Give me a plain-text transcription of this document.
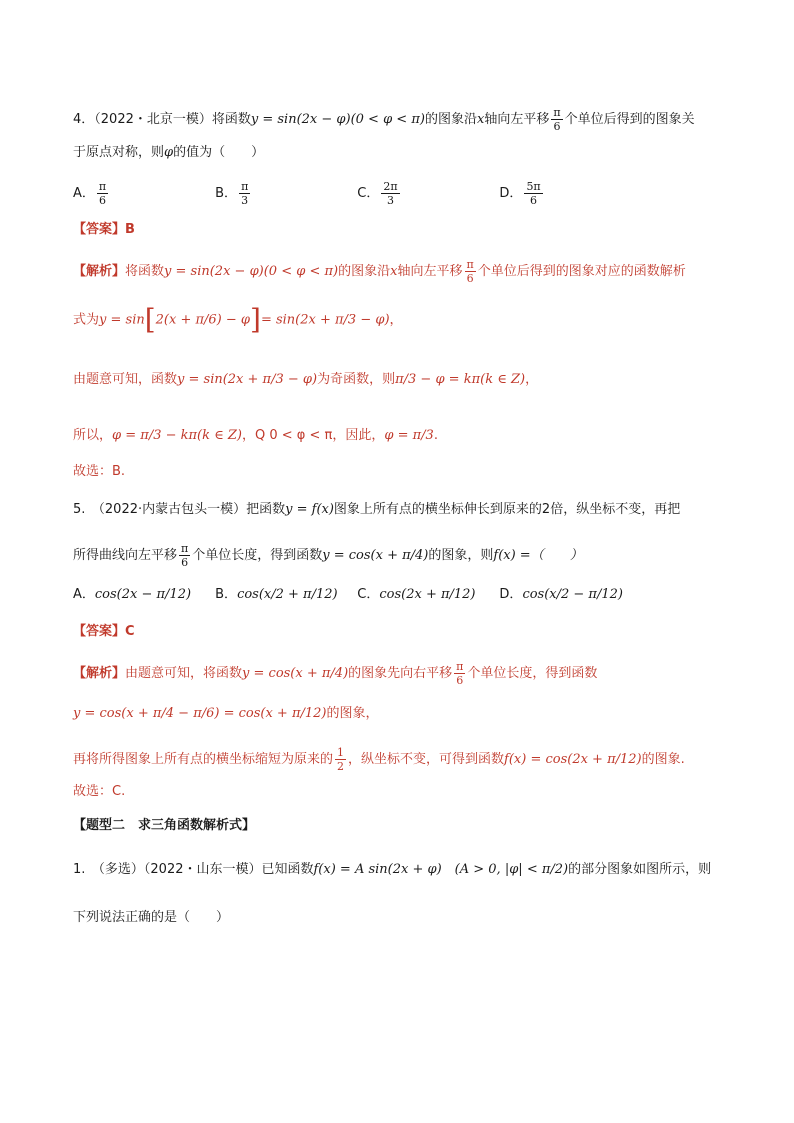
4．（2022・北京一模）将函数y = sin(2x − φ)(0 < φ < π)的图象沿x轴向左平移 $\frac{\pi}{6}$ 个单位后得到的图象关
于原点对称，则φ的值为（　　）
A． $\frac{\pi}{6}$	B． $\frac{\pi}{3}$	C． $\frac{2\pi}{3}$	D． $\frac{5\pi}{6}$
【答案】B
【解析】将函数y = sin(2x − φ)(0 < φ < π)的图象沿x轴向左平移 $\frac{\pi}{6}$ 个单位后得到的图象对应的函数解析
式为y = sin[2(x + π/6) − φ]= sin(2x + π/3 − φ)，
由题意可知，函数y = sin(2x + π/3 − φ)为奇函数，则π/3 − φ = kπ(k ∈ Z)，
所以，φ = π/3 − kπ(k ∈ Z)，Q 0 < φ < π，因此，φ = π/3.
故选：B.
5.　（2022·内蒙古包头一模）把函数y = f(x)图象上所有点的横坐标伸长到原来的2倍，纵坐标不变，再把
所得曲线向左平移 $\frac{\pi}{6}$ 个单位长度，得到函数y = cos(x + π/4)的图象，则f(x) =（　　）
A．cos(2x − π/12) B．cos(x/2 + π/12) C．cos(2x + π/12) D．cos(x/2 − π/12)
【答案】C
【解析】由题意可知，将函数y = cos(x + π/4)的图象先向右平移 $\frac{\pi}{6}$ 个单位长度，得到函数
y = cos(x + π/4 − π/6) = cos(x + π/12)的图象，
再将所得图象上所有点的横坐标缩短为原来的 $\frac{1}{2}$ ，纵坐标不变，可得到函数f(x) = cos(2x + π/12)的图象.
故选：C.
【题型二　求三角函数解析式】
1.　（多选）（2022・山东一模）已知函数f(x) = A sin(2x + φ)  (A > 0, |φ| < π/2)的部分图象如图所示，则
下列说法正确的是（　　）
